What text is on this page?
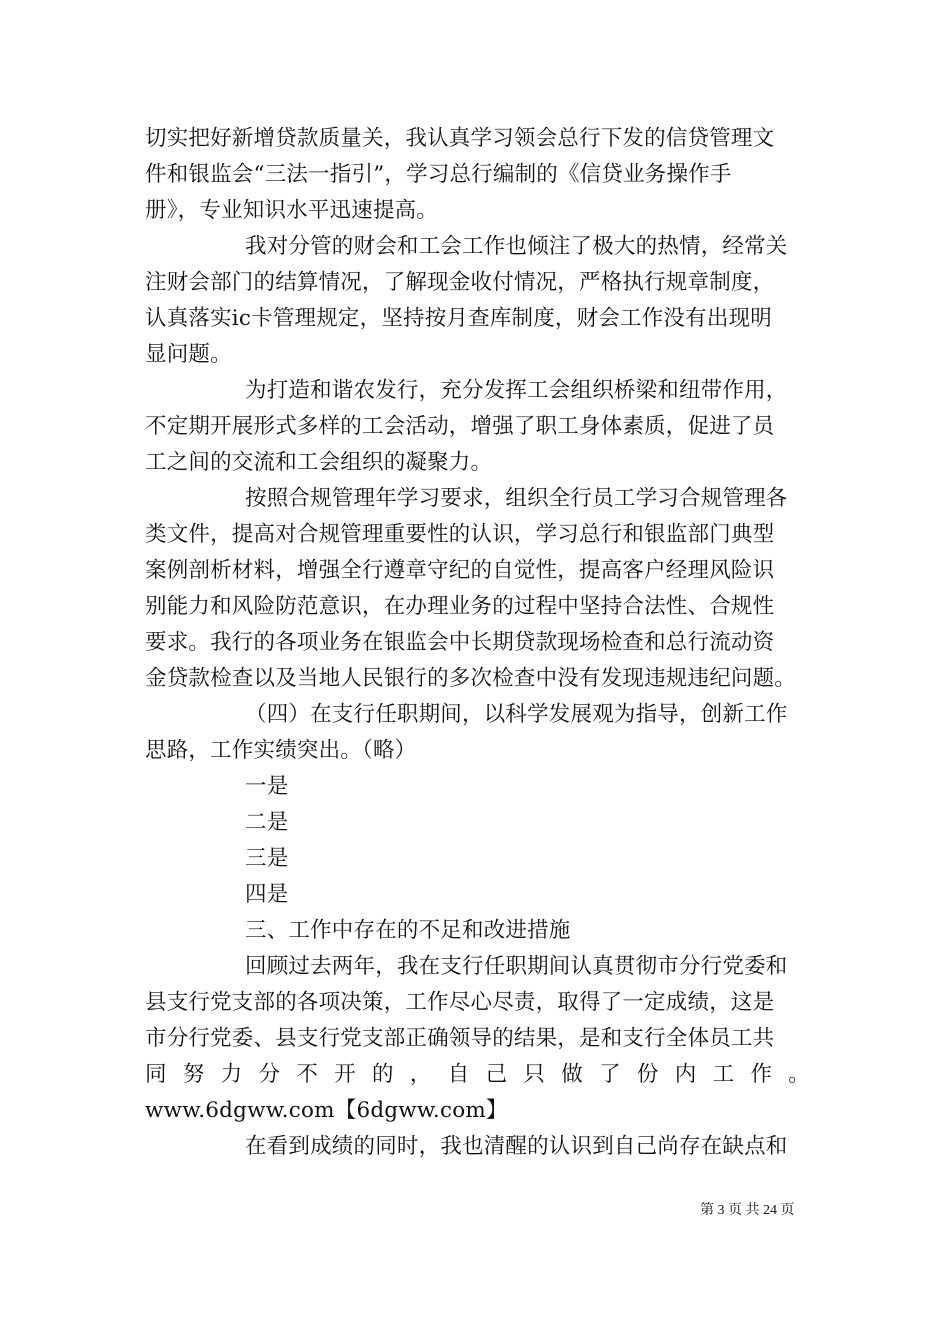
切实把好新增贷款质量关，我认真学习领会总行下发的信贷管理文
件和银监会“三法一指引”，学习总行编制的《信贷业务操作手
册》，专业知识水平迅速提高。
我对分管的财会和工会工作也倾注了极大的热情，经常关
注财会部门的结算情况，了解现金收付情况，严格执行规章制度，
认真落实ic卡管理规定，坚持按月查库制度，财会工作没有出现明
显问题。
为打造和谐农发行，充分发挥工会组织桥梁和纽带作用，
不定期开展形式多样的工会活动，增强了职工身体素质，促进了员
工之间的交流和工会组织的凝聚力。
按照合规管理年学习要求，组织全行员工学习合规管理各
类文件，提高对合规管理重要性的认识，学习总行和银监部门典型
案例剖析材料，增强全行遵章守纪的自觉性，提高客户经理风险识
别能力和风险防范意识，在办理业务的过程中坚持合法性、合规性
要求。我行的各项业务在银监会中长期贷款现场检查和总行流动资
金贷款检查以及当地人民银行的多次检查中没有发现违规违纪问题。
（四）在支行任职期间，以科学发展观为指导，创新工作
思路，工作实绩突出。（略）
一是
二是
三是
四是
三、工作中存在的不足和改进措施
回顾过去两年，我在支行任职期间认真贯彻市分行党委和
县支行党支部的各项决策，工作尽心尽责，取得了一定成绩，这是
市分行党委、县支行党支部正确领导的结果，是和支行全体员工共
同努力分不开的，自己只做了份内工作。
www.6dgww.com【6dgww.com】
在看到成绩的同时，我也清醒的认识到自己尚存在缺点和
第 3 页 共 24 页
